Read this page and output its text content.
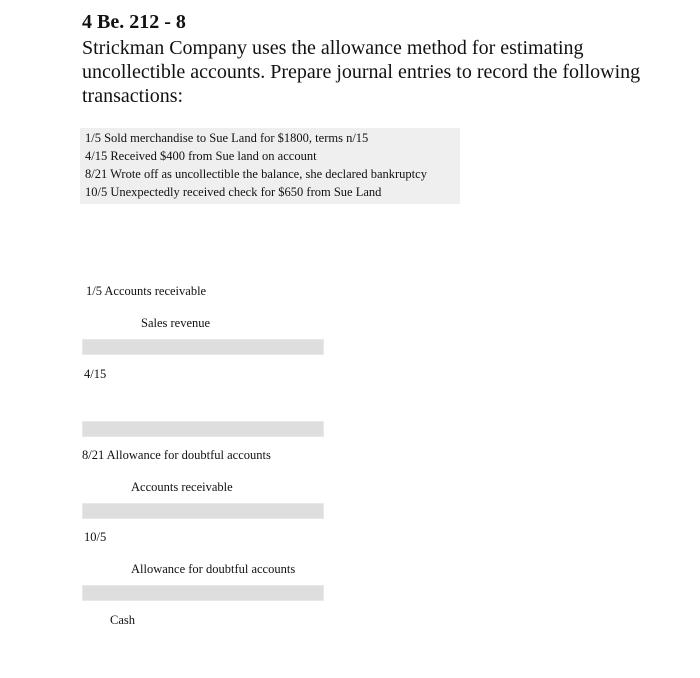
4 Be. 212 - 8
Strickman Company uses the allowance method for estimating uncollectible accounts. Prepare journal entries to record the following transactions:
1/5 Sold merchandise to Sue Land for $1800, terms n/15
4/15 Received $400 from Sue land on account
8/21 Wrote off as uncollectible the balance, she declared bankruptcy
10/5 Unexpectedly received check for $650 from Sue Land
1/5 Accounts receivable
Sales revenue
4/15
8/21 Allowance for doubtful accounts
Accounts receivable
10/5
Allowance for doubtful accounts
Cash
